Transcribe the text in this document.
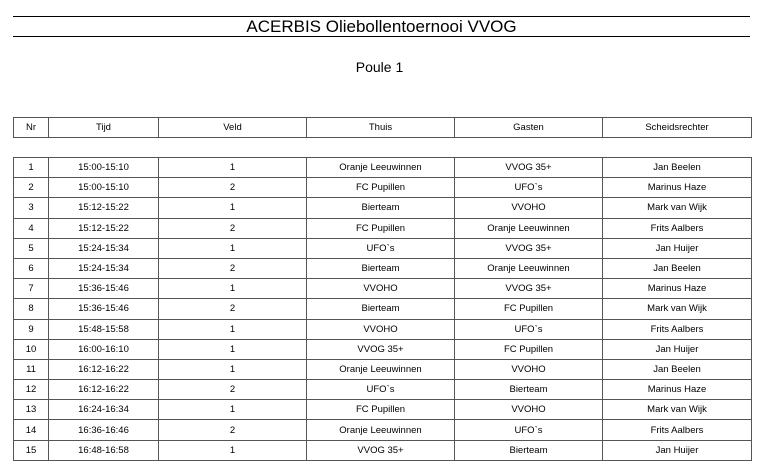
ACERBIS Oliebollentoernooi VVOG
Poule 1
Nr	Tijd	Veld	Thuis	Gasten	Scheidsrechter
1	15:00-15:10	1	Oranje Leeuwinnen	VVOG 35+	Jan Beelen
2	15:00-15:10	2	FC Pupillen	UFO`s	Marinus Haze
3	15:12-15:22	1	Bierteam	VVOHO	Mark van Wijk
4	15:12-15:22	2	FC Pupillen	Oranje Leeuwinnen	Frits Aalbers
5	15:24-15:34	1	UFO`s	VVOG 35+	Jan Huijer
6	15:24-15:34	2	Bierteam	Oranje Leeuwinnen	Jan Beelen
7	15:36-15:46	1	VVOHO	VVOG 35+	Marinus Haze
8	15:36-15:46	2	Bierteam	FC Pupillen	Mark van Wijk
9	15:48-15:58	1	VVOHO	UFO`s	Frits Aalbers
10	16:00-16:10	1	VVOG 35+	FC Pupillen	Jan Huijer
11	16:12-16:22	1	Oranje Leeuwinnen	VVOHO	Jan Beelen
12	16:12-16:22	2	UFO`s	Bierteam	Marinus Haze
13	16:24-16:34	1	FC Pupillen	VVOHO	Mark van Wijk
14	16:36-16:46	2	Oranje Leeuwinnen	UFO`s	Frits Aalbers
15	16:48-16:58	1	VVOG 35+	Bierteam	Jan Huijer
